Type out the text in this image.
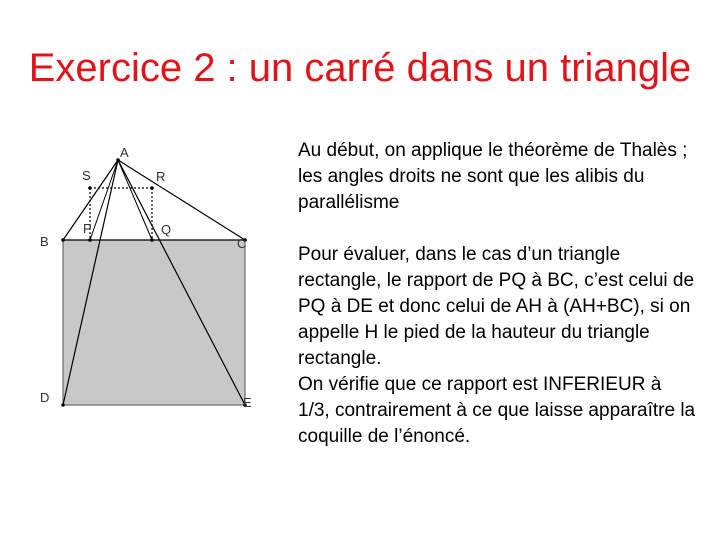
Exercice 2 : un carré dans un triangle
A
S	R
B
P	Q
C
D	E

Au début, on applique le théorème de Thalès ; les angles droits ne sont que les alibis du parallélisme

Pour évaluer, dans le cas d’un triangle rectangle, le rapport de PQ à BC, c’est celui de PQ à DE et donc celui de AH à (AH+BC), si on appelle H le pied de la hauteur du triangle rectangle.

On vérifie que ce rapport est INFERIEUR à 1/3, contrairement à ce que laisse apparaître la coquille de l’énoncé.
